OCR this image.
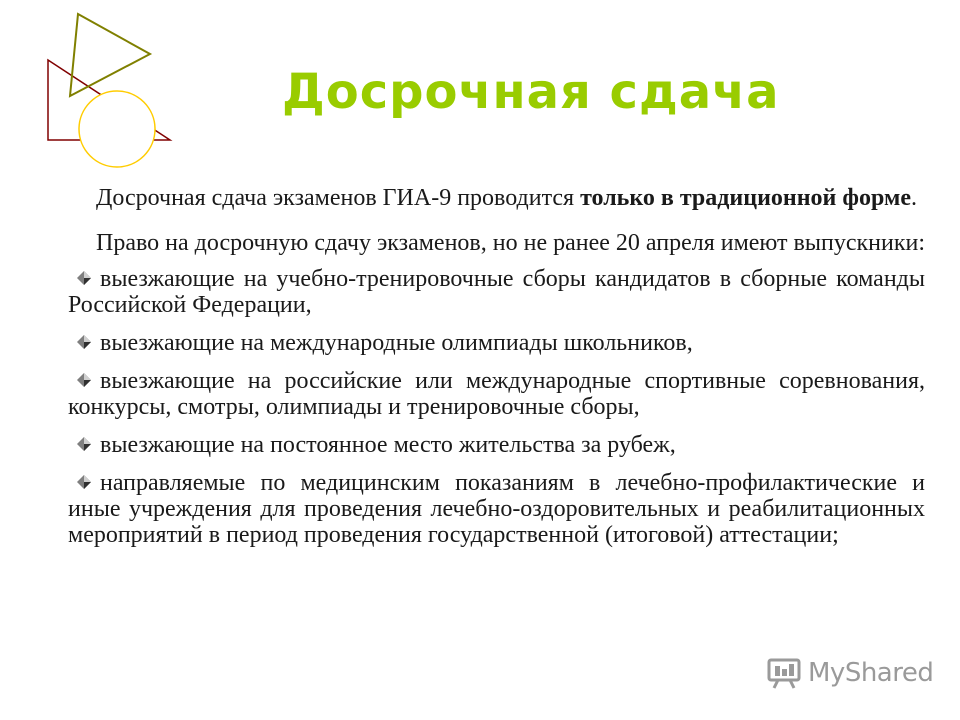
Досрочная сдача

Досрочная сдача экзаменов ГИА-9 проводится только в традиционной форме.

Право на досрочную сдачу экзаменов, но не ранее 20 апреля имеют выпускники:

выезжающие на учебно-тренировочные сборы кандидатов в сборные команды Российской Федерации,
выезжающие на международные олимпиады школьников,
выезжающие на российские или международные спортивные соревнования, конкурсы, смотры, олимпиады и тренировочные сборы,
выезжающие на постоянное место жительства за рубеж,
направляемые по медицинским показаниям в лечебно-профилактические и иные учреждения для проведения лечебно-оздоровительных и реабилитационных мероприятий в период проведения государственной (итоговой) аттестации;
MyShared
